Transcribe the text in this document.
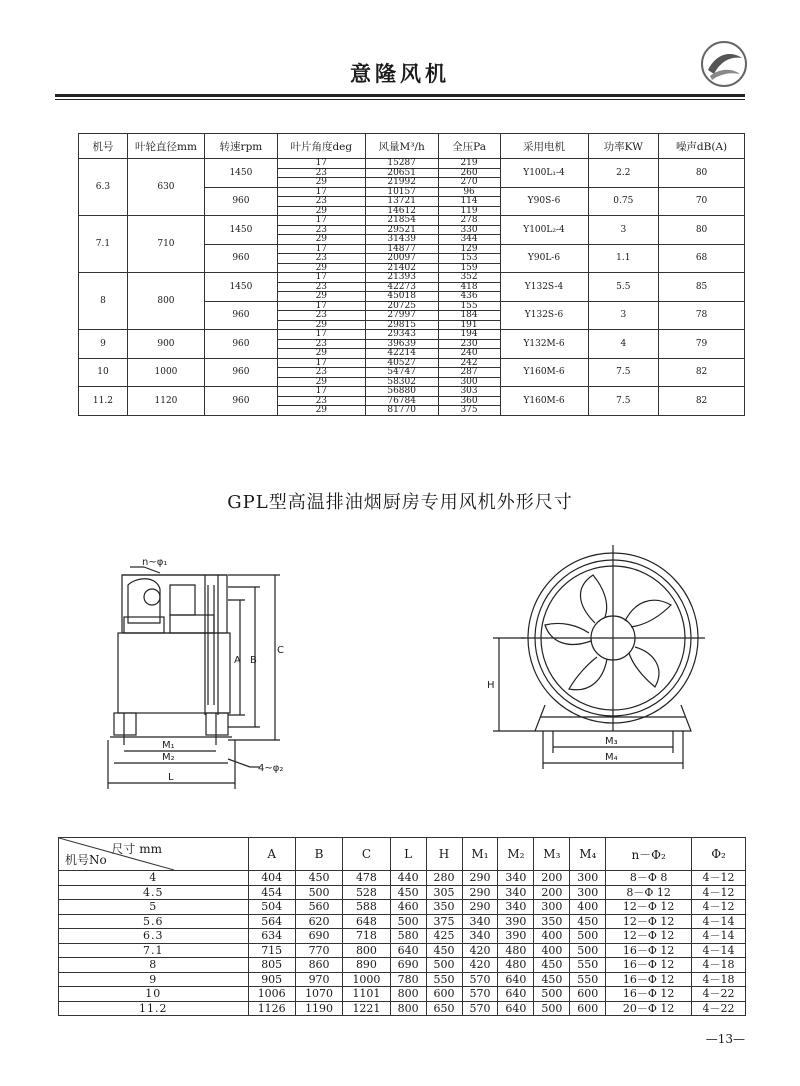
意隆风机
机号	叶轮直径mm	转速rpm	叶片角度deg	风量M³/h	全压Pa	采用电机	功率KW	噪声dB(A)
6.3	630	1450	17	15287	219	Y100L₁-4	2.2	80
			23	20651	260			
			29	21992	270			
		960	17	10157	96	Y90S-6	0.75	70
			23	13721	114			
			29	14612	119			
7.1	710	1450	17	21854	278	Y100L₂-4	3	80
			23	29521	330			
			29	31439	344			
		960	17	14877	129	Y90L-6	1.1	68
			23	20097	153			
			29	21402	159			
8	800	1450	17	21393	352	Y132S-4	5.5	85
			23	42273	418			
			29	45018	436			
		960	17	20725	155	Y132S-6	3	78
			23	27997	184			
			29	29815	191			
9	900	960	17	29343	194	Y132M-6	4	79
			23	39639	230			
			29	42214	240			
10	1000	960	17	40527	242	Y160M-6	7.5	82
			23	54747	287			
			29	58302	300			
11.2	1120	960	17	56880	303	Y160M-6	7.5	82
			23	76784	360			
			29	81770	375			
GPL型高温排油烟厨房专用风机外形尺寸
n~φ₁
A B
C
M₁
M₂
L
4~φ₂
H
M₃
M₄
尺寸 mm
机号No	A	B	C	L	H	M₁	M₂	M₃	M₄	n－Φ₂	Φ₂
4	404	450	478	440	280	290	340	200	300	8－Φ 8	4－12
4.5	454	500	528	450	305	290	340	200	300	8－Φ 12	4－12
5	504	560	588	460	350	290	340	300	400	12－Φ 12	4－12
5.6	564	620	648	500	375	340	390	350	450	12－Φ 12	4－14
6.3	634	690	718	580	425	340	390	400	500	12－Φ 12	4－14
7.1	715	770	800	640	450	420	480	400	500	16－Φ 12	4－14
8	805	860	890	690	500	420	480	450	550	16－Φ 12	4－18
9	905	970	1000	780	550	570	640	450	550	16－Φ 12	4－18
10	1006	1070	1101	800	600	570	640	500	600	16－Φ 12	4－22
11.2	1126	1190	1221	800	650	570	640	500	600	20－Φ 12	4－22
—13—
